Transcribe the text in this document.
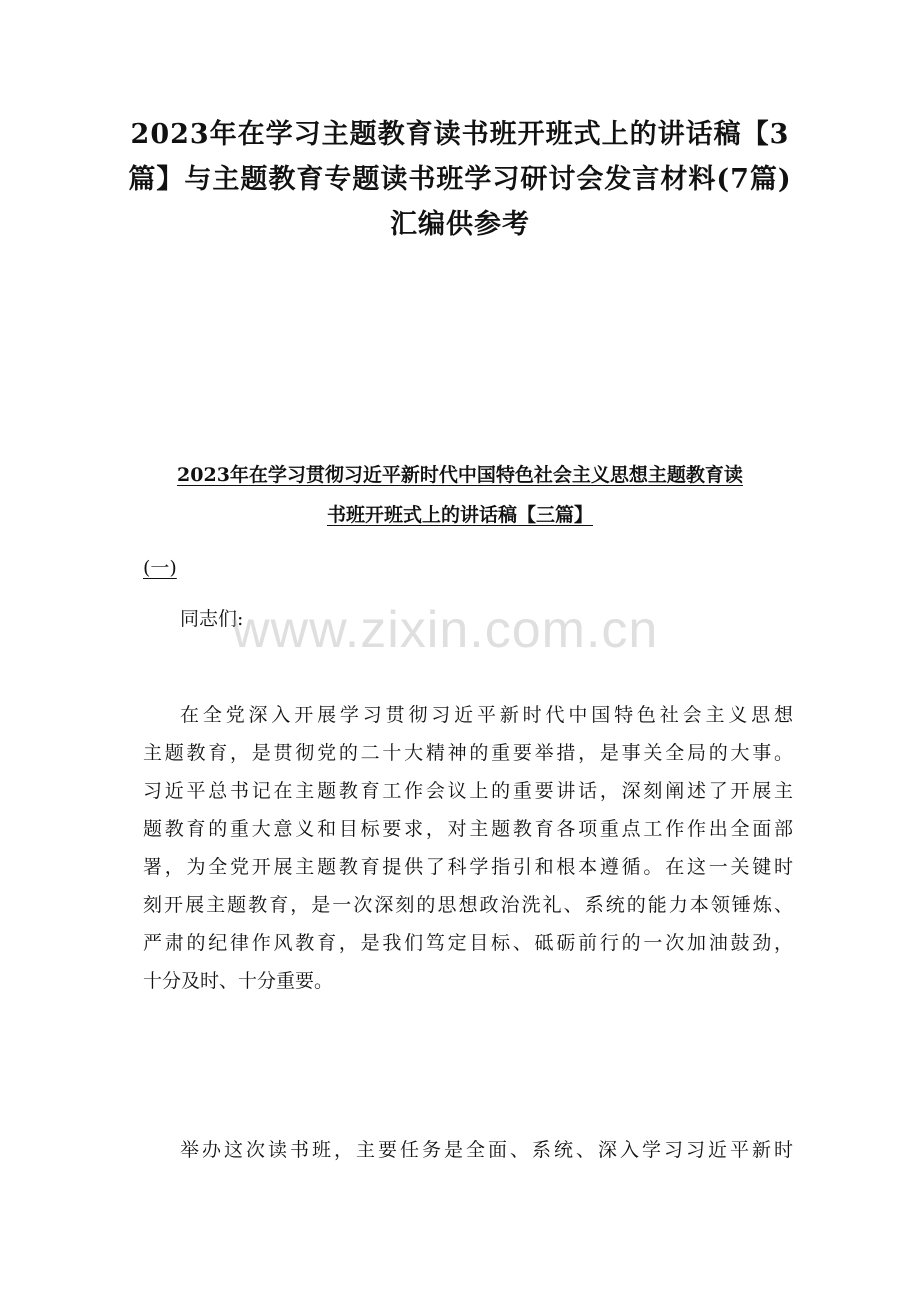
2023年在学习主题教育读书班开班式上的讲话稿【3
篇】与主题教育专题读书班学习研讨会发言材料(7篇)
汇编供参考
2023年在学习贯彻习近平新时代中国特色社会主义思想主题教育读
书班开班式上的讲话稿【三篇】
(一)
同志们:
在全党深入开展学习贯彻习近平新时代中国特色社会主义思想
主题教育，是贯彻党的二十大精神的重要举措，是事关全局的大事。
习近平总书记在主题教育工作会议上的重要讲话，深刻阐述了开展主
题教育的重大意义和目标要求，对主题教育各项重点工作作出全面部
署，为全党开展主题教育提供了科学指引和根本遵循。在这一关键时
刻开展主题教育，是一次深刻的思想政治洗礼、系统的能力本领锤炼、
严肃的纪律作风教育，是我们笃定目标、砥砺前行的一次加油鼓劲，
十分及时、十分重要。
举办这次读书班，主要任务是全面、系统、深入学习习近平新时
www.zixin.com.cn
